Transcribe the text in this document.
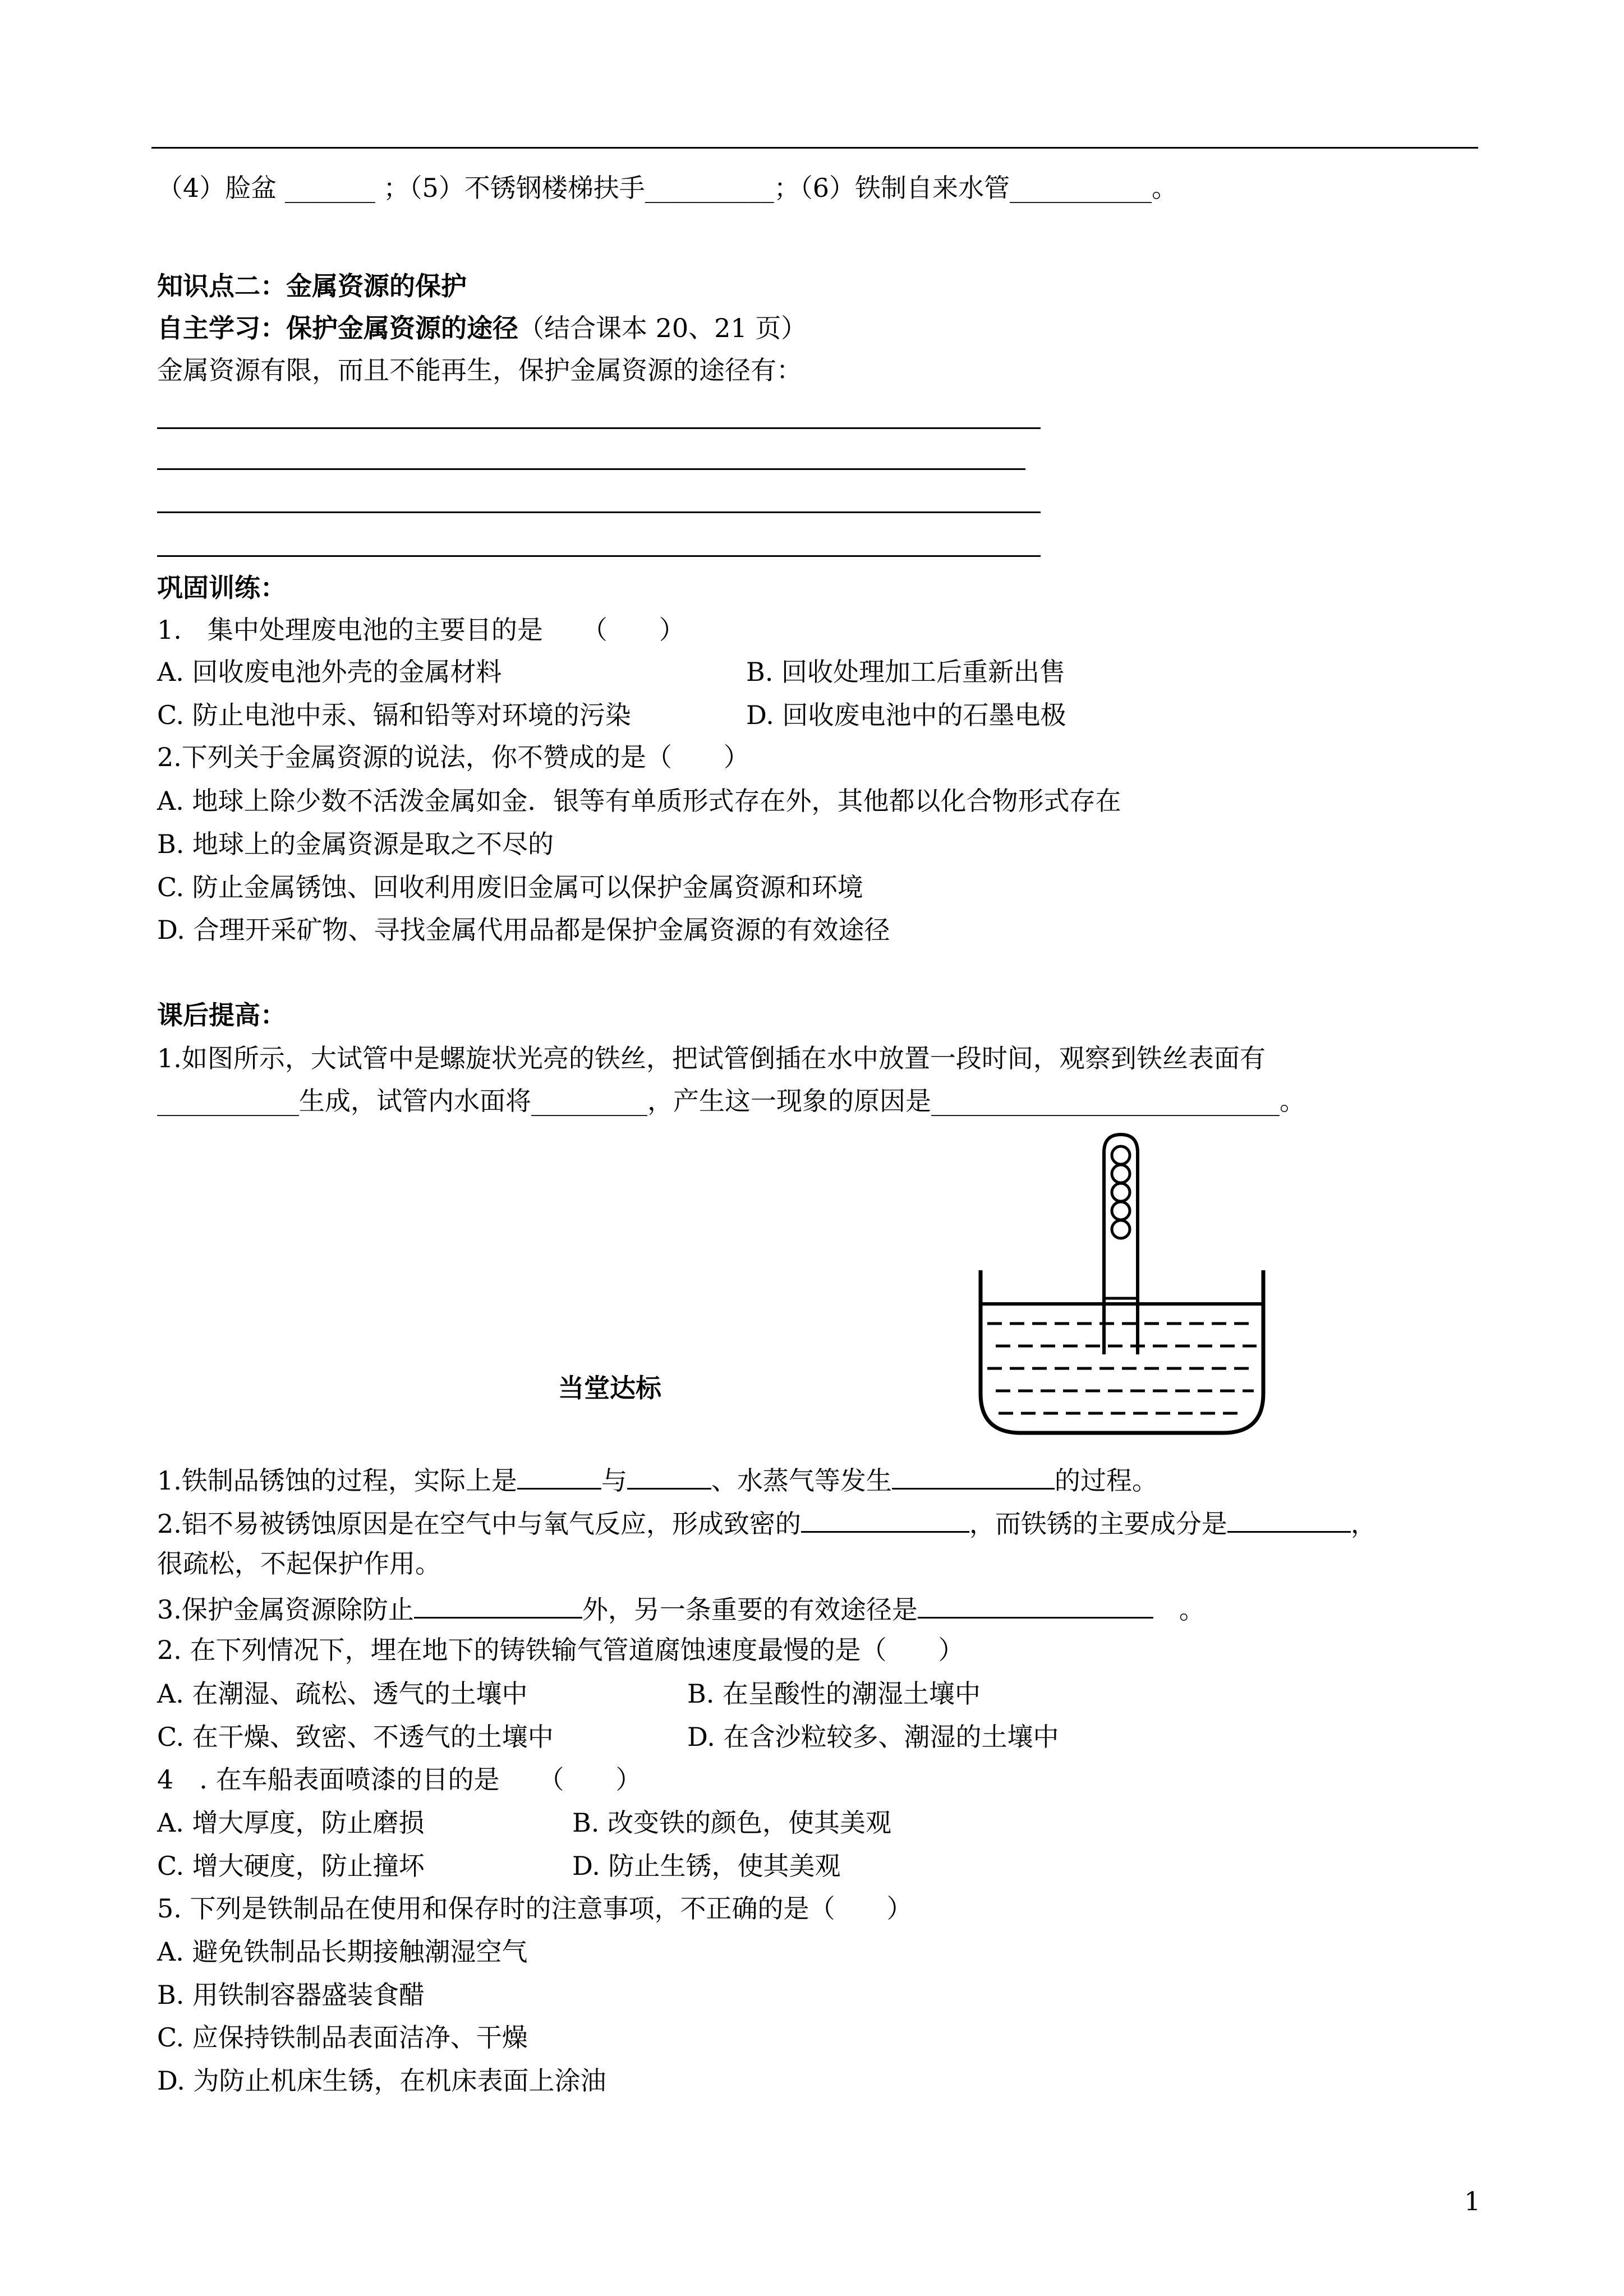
（4）脸盆 _______ ；（5）不锈钢楼梯扶手__________；（6）铁制自来水管___________。
知识点二：金属资源的保护
自主学习：保护金属资源的途径（结合课本 20、21 页）
金属资源有限，而且不能再生，保护金属资源的途径有：
巩固训练：
1.　集中处理废电池的主要目的是　　（　　）
A. 回收废电池外壳的金属材料	B. 回收处理加工后重新出售
C. 防止电池中汞、镉和铅等对环境的污染	D. 回收废电池中的石墨电极
2.下列关于金属资源的说法，你不赞成的是（　　）
A. 地球上除少数不活泼金属如金．银等有单质形式存在外，其他都以化合物形式存在
B. 地球上的金属资源是取之不尽的
C. 防止金属锈蚀、回收利用废旧金属可以保护金属资源和环境
D. 合理开采矿物、寻找金属代用品都是保护金属资源的有效途径
课后提高：
1.如图所示，大试管中是螺旋状光亮的铁丝，把试管倒插在水中放置一段时间，观察到铁丝表面有
___________生成，试管内水面将_________，产生这一现象的原因是___________________________。
当堂达标
1.铁制品锈蚀的过程，实际上是	与	、水蒸气等发生	的过程。
2.铝不易被锈蚀原因是在空气中与氧气反应，形成致密的	，而铁锈的主要成分是	，
很疏松，不起保护作用。
3.保护金属资源除防止	外，另一条重要的有效途径是	　。
2. 在下列情况下，埋在地下的铸铁输气管道腐蚀速度最慢的是（　　）
A. 在潮湿、疏松、透气的土壤中	B. 在呈酸性的潮湿土壤中
C. 在干燥、致密、不透气的土壤中	D. 在含沙粒较多、潮湿的土壤中
4　. 在车船表面喷漆的目的是　　（　　）
A. 增大厚度，防止磨损	B. 改变铁的颜色，使其美观
C. 增大硬度，防止撞坏	D. 防止生锈，使其美观
5. 下列是铁制品在使用和保存时的注意事项，不正确的是（　　）
A. 避免铁制品长期接触潮湿空气
B. 用铁制容器盛装食醋
C. 应保持铁制品表面洁净、干燥
D. 为防止机床生锈，在机床表面上涂油
1
